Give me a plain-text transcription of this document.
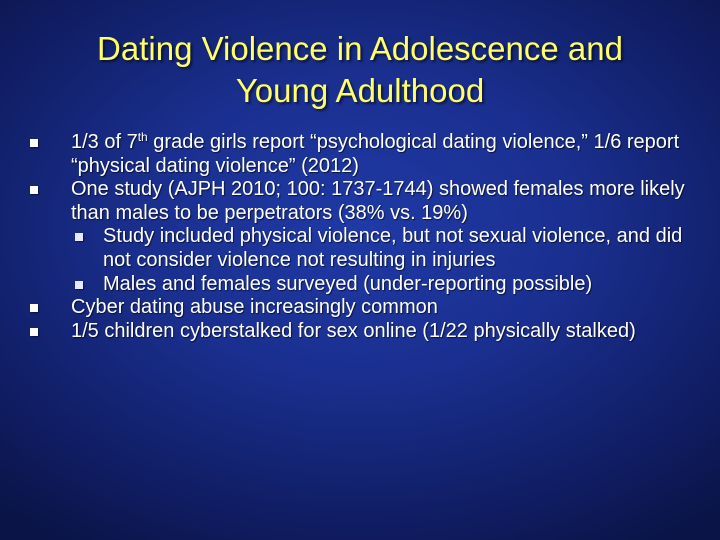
Dating Violence in Adolescence and
Young Adulthood
1/3 of 7th grade girls report “psychological dating violence,” 1/6 report “physical dating violence” (2012)
One study (AJPH 2010; 100: 1737-1744) showed females more likely than males to be perpetrators (38% vs. 19%)
Study included physical violence, but not sexual violence, and did not consider violence not resulting in injuries
Males and females surveyed (under-reporting possible)
Cyber dating abuse increasingly common
1/5 children cyberstalked for sex online (1/22 physically stalked)
